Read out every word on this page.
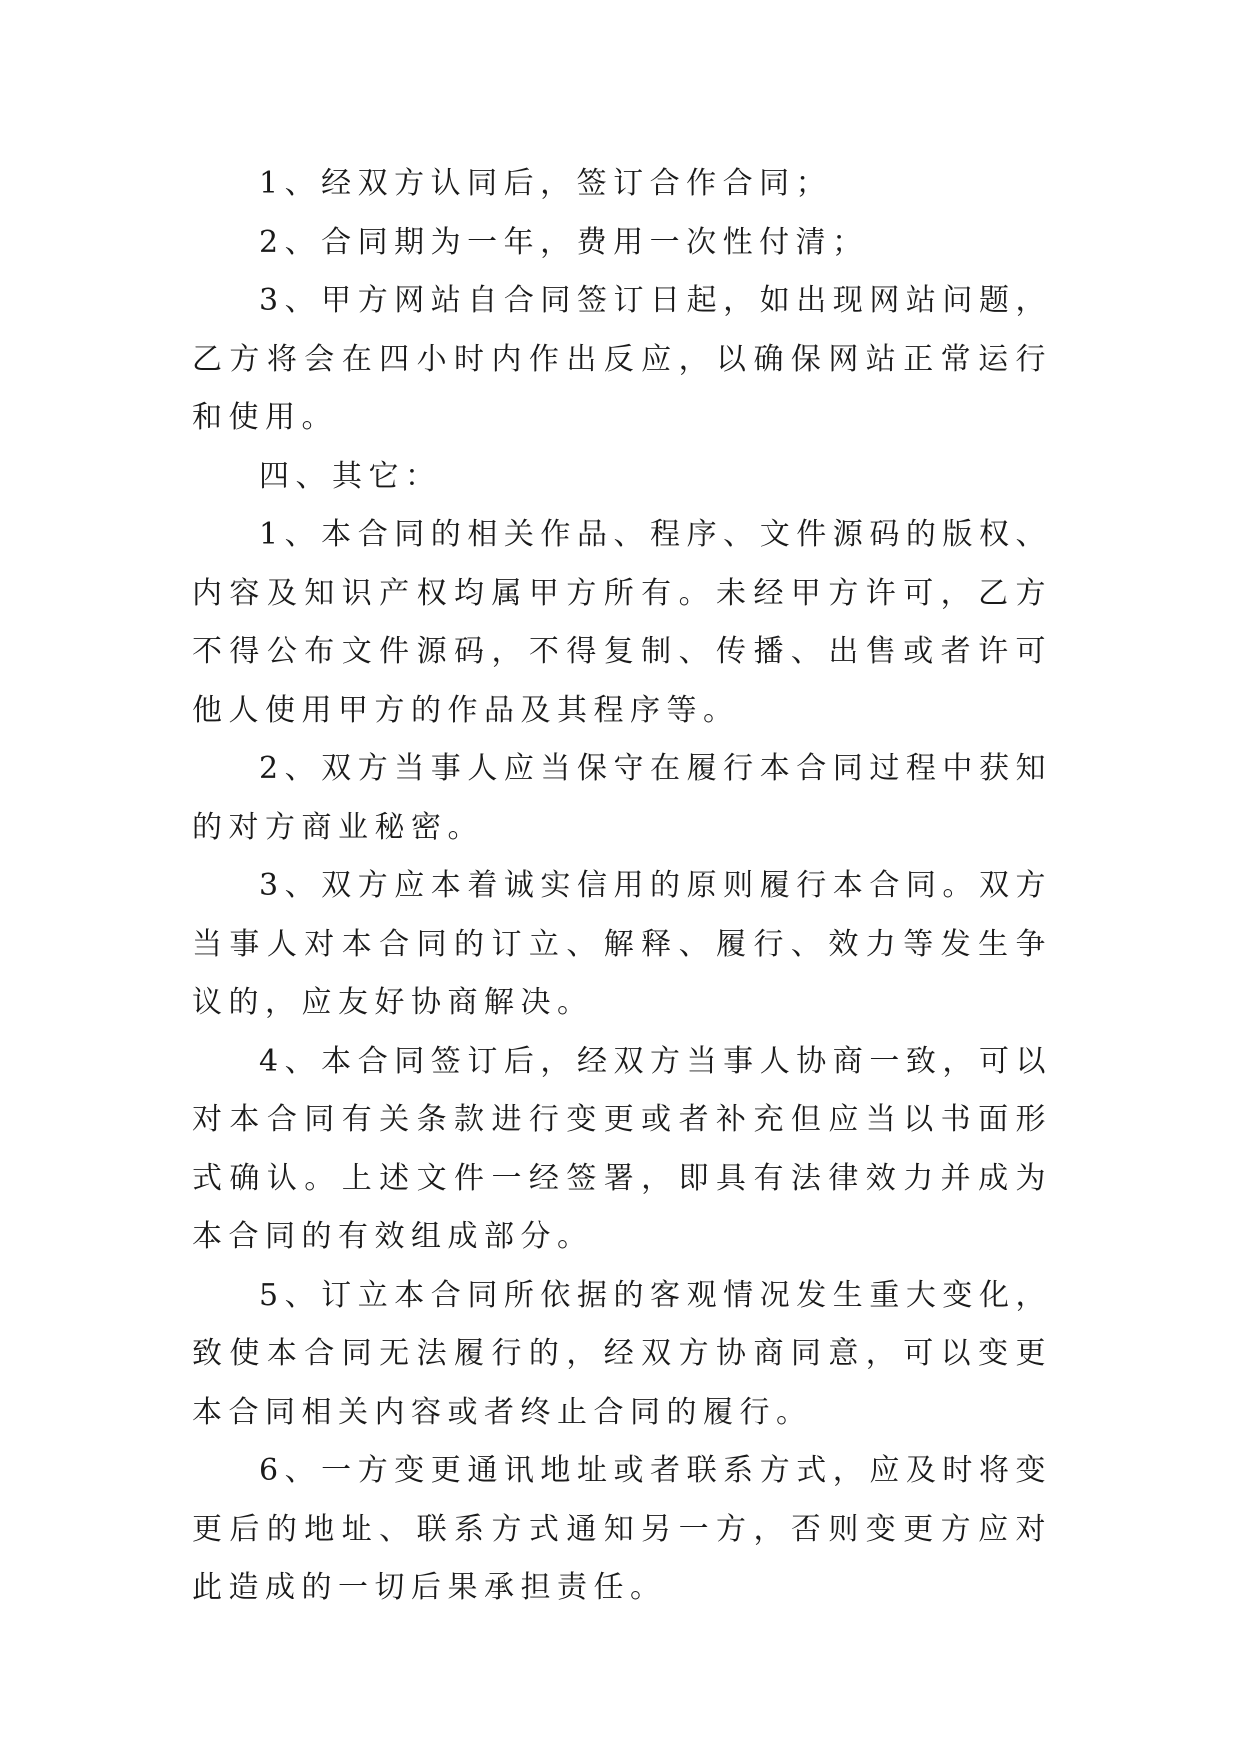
1、经双方认同后，签订合作合同；

2、合同期为一年，费用一次性付清；

3、甲方网站自合同签订日起，如出现网站问题，乙方将会在四小时内作出反应，以确保网站正常运行和使用。

四、其它：

1、本合同的相关作品、程序、文件源码的版权、内容及知识产权均属甲方所有。未经甲方许可，乙方不得公布文件源码，不得复制、传播、出售或者许可他人使用甲方的作品及其程序等。

2、双方当事人应当保守在履行本合同过程中获知的对方商业秘密。

3、双方应本着诚实信用的原则履行本合同。双方当事人对本合同的订立、解释、履行、效力等发生争议的，应友好协商解决。

4、本合同签订后，经双方当事人协商一致，可以对本合同有关条款进行变更或者补充但应当以书面形式确认。上述文件一经签署，即具有法律效力并成为本合同的有效组成部分。

5、订立本合同所依据的客观情况发生重大变化，致使本合同无法履行的，经双方协商同意，可以变更本合同相关内容或者终止合同的履行。

6、一方变更通讯地址或者联系方式，应及时将变更后的地址、联系方式通知另一方，否则变更方应对此造成的一切后果承担责任。
